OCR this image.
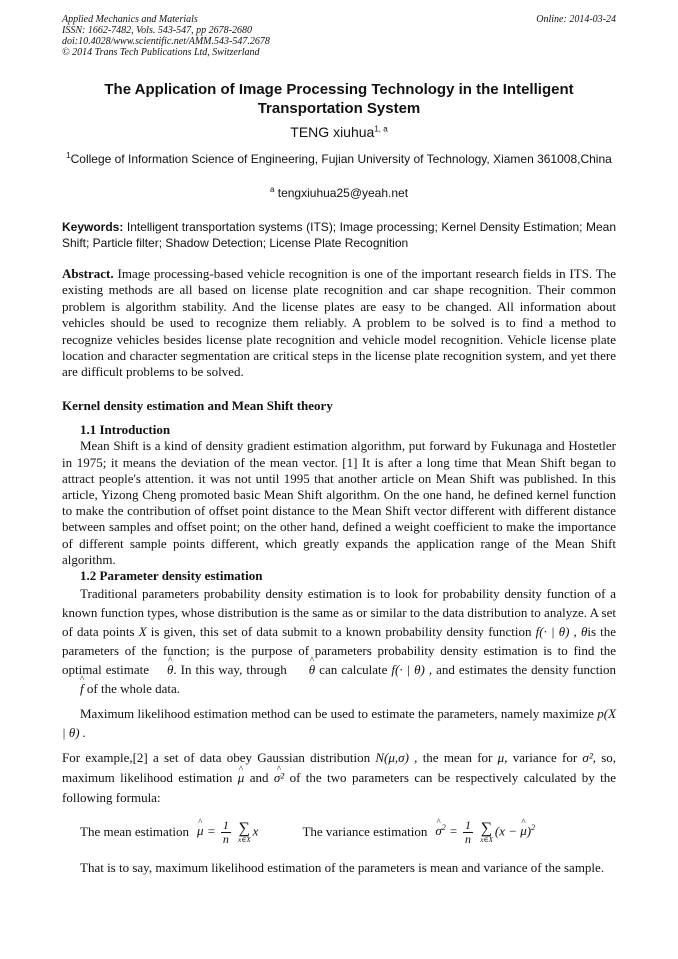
Applied Mechanics and Materials
ISSN: 1662-7482, Vols. 543-547, pp 2678-2680
doi:10.4028/www.scientific.net/AMM.543-547.2678
© 2014 Trans Tech Publications Ltd, Switzerland
Online: 2014-03-24
The Application of Image Processing Technology in the Intelligent Transportation System
TENG xiuhua$^{1, a}$
$^1$College of Information Science of Engineering, Fujian University of Technology, Xiamen 361008,China
$^a$ tengxiuhua25@yeah.net
Keywords: Intelligent transportation systems (ITS); Image processing; Kernel Density Estimation; Mean Shift; Particle filter; Shadow Detection; License Plate Recognition
Abstract. Image processing-based vehicle recognition is one of the important research fields in ITS. The existing methods are all based on license plate recognition and car shape recognition. Their common problem is algorithm stability. And the license plates are easy to be changed. All information about vehicles should be used to recognize them reliably. A problem to be solved is to find a method to recognize vehicles besides license plate recognition and vehicle model recognition. Vehicle license plate location and character segmentation are critical steps in the license plate recognition system, and yet there are difficult problems to be solved.

Kernel density estimation and Mean Shift theory

1.1 Introduction

Mean Shift is a kind of density gradient estimation algorithm, put forward by Fukunaga and Hostetler in 1975; it means the deviation of the mean vector. [1] It is after a long time that Mean Shift began to attract people's attention. it was not until 1995 that another article on Mean Shift was published. In this article, Yizong Cheng promoted basic Mean Shift algorithm. On the one hand, he defined kernel function to make the contribution of offset point distance to the Mean Shift vector different with different distance between samples and offset point; on the other hand, defined a weight coefficient to make the importance of different sample points different, which greatly expands the application range of the Mean Shift algorithm.

1.2 Parameter density estimation

Traditional parameters probability density estimation is to look for probability density function of a known function types, whose distribution is the same as or similar to the data distribution to analyze. A set of data points X is given, this set of data submit to a known probability density function f(· | θ) , θis the parameters of the function; is the purpose of parameters probability density estimation is to find the optimal estimate ^ θ. In this way, through ^ θ can calculate f(· | θ) , and estimates the density function ^ f of the whole data.

Maximum likelihood estimation method can be used to estimate the parameters, namely maximize p(X | θ) .

For example,[2] a set of data obey Gaussian distribution N(μ,σ) , the mean for μ, variance for σ², so, maximum likelihood estimation ^ μ and ^ σ² of the two parameters can be respectively calculated by the following formula:

The mean estimation ^ $\mu = \frac{1}{n}$ ∑
x∈X
x	The variance estimation ^ $\sigma^2 = \frac{1}{n}$ ∑
x∈X
(x − ^ μ)$^2$

That is to say, maximum likelihood estimation of the parameters is mean and variance of the sample.
